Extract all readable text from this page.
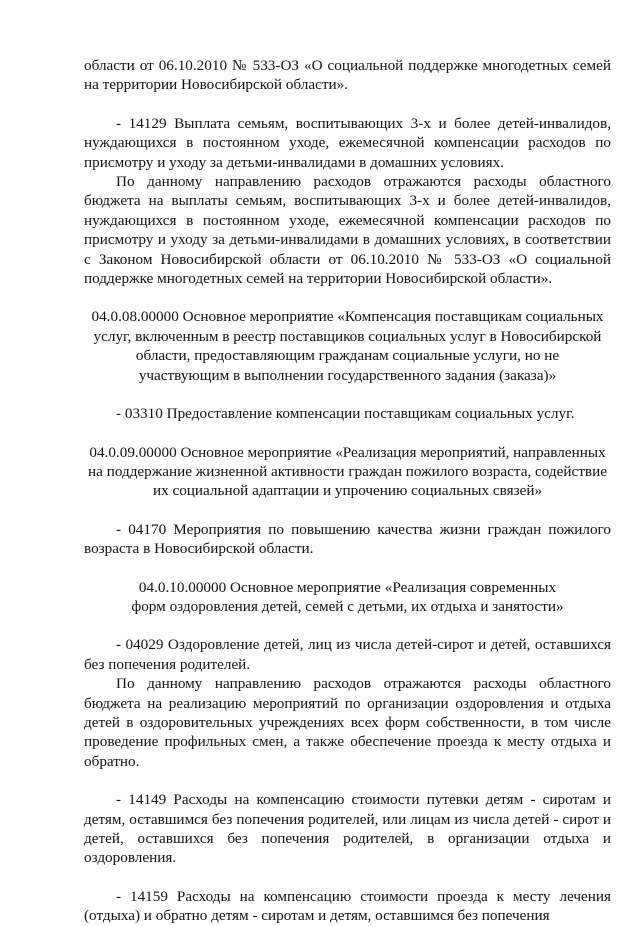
области от 06.10.2010 № 533-ОЗ «О социальной поддержке многодетных семей на территории Новосибирской области».

- 14129 Выплата семьям, воспитывающих 3-х и более детей-инвалидов, нуждающихся в постоянном уходе, ежемесячной компенсации расходов по присмотру и уходу за детьми-инвалидами в домашних условиях.

По данному направлению расходов отражаются расходы областного бюджета на выплаты семьям, воспитывающих 3-х и более детей-инвалидов, нуждающихся в постоянном уходе, ежемесячной компенсации расходов по присмотру и уходу за детьми-инвалидами в домашних условиях, в соответствии с Законом Новосибирской области от 06.10.2010 № 533-ОЗ «О социальной поддержке многодетных семей на территории Новосибирской области».

04.0.08.00000 Основное мероприятие «Компенсация поставщикам социальных услуг, включенным в реестр поставщиков социальных услуг в Новосибирской области, предоставляющим гражданам социальные услуги, но не участвующим в выполнении государственного задания (заказа)»

- 03310 Предоставление компенсации поставщикам социальных услуг.

04.0.09.00000 Основное мероприятие «Реализация мероприятий, направленных на поддержание жизненной активности граждан пожилого возраста, содействие их социальной адаптации и упрочению социальных связей»

- 04170 Мероприятия по повышению качества жизни граждан пожилого возраста в Новосибирской области.

04.0.10.00000 Основное мероприятие «Реализация современных форм оздоровления детей, семей с детьми, их отдыха и занятости»

- 04029 Оздоровление детей, лиц из числа детей-сирот и детей, оставшихся без попечения родителей.

По данному направлению расходов отражаются расходы областного бюджета на реализацию мероприятий по организации оздоровления и отдыха детей в оздоровительных учреждениях всех форм собственности, в том числе проведение профильных смен, а также обеспечение проезда к месту отдыха и обратно.

- 14149 Расходы на компенсацию стоимости путевки детям - сиротам и детям, оставшимся без попечения родителей, или лицам из числа детей - сирот и детей, оставшихся без попечения родителей, в организации отдыха и оздоровления.

- 14159 Расходы на компенсацию стоимости проезда к месту лечения (отдыха) и обратно детям - сиротам и детям, оставшимся без попечения
